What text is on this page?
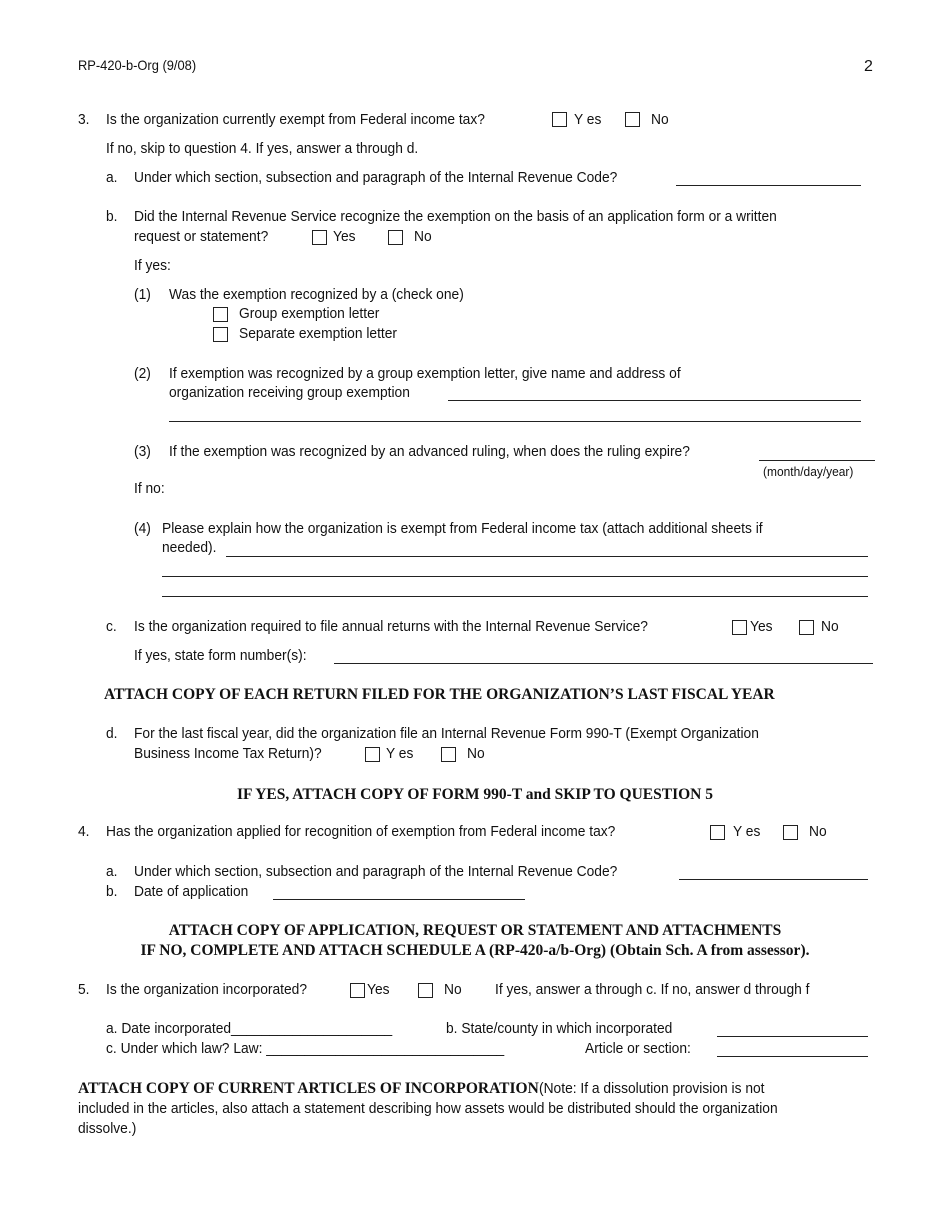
RP-420-b-Org (9/08)	2
3. Is the organization currently exempt from Federal income tax?	Y es	No
If no, skip to question 4. If yes, answer a through d.
a. Under which section, subsection and paragraph of the Internal Revenue Code?
b. Did the Internal Revenue Service recognize the exemption on the basis of an application form or a written
request or statement?	Yes	No
If yes:
(1) Was the exemption recognized by a (check one)
Group exemption letter
Separate exemption letter
(2) If exemption was recognized by a group exemption letter, give name and address of
organization receiving group exemption
(3) If the exemption was recognized by an advanced ruling, when does the ruling expire?
(month/day/year)
If no:
(4) Please explain how the organization is exempt from Federal income tax (attach additional sheets if
needed).
c. Is the organization required to file annual returns with the Internal Revenue Service?	Yes	No
If yes, state form number(s):
ATTACH COPY OF EACH RETURN FILED FOR THE ORGANIZATION’S LAST FISCAL YEAR
d. For the last fiscal year, did the organization file an Internal Revenue Form 990-T (Exempt Organization
Business Income Tax Return)?	Y es	No
IF YES, ATTACH COPY OF FORM 990-T and SKIP TO QUESTION 5
4. Has the organization applied for recognition of exemption from Federal income tax?	Y es	No
a. Under which section, subsection and paragraph of the Internal Revenue Code?
b. Date of application
ATTACH COPY OF APPLICATION, REQUEST OR STATEMENT AND ATTACHMENTS
IF NO, COMPLETE AND ATTACH SCHEDULE A (RP-420-a/b-Org) (Obtain Sch. A from assessor).
5. Is the organization incorporated?	Yes	No If yes, answer a through c. If no, answer d through f
a. Date incorporated_____________________	b. State/county in which incorporated
c. Under which law? Law: _______________________________	Article or section:
ATTACH COPY OF CURRENT ARTICLES OF INCORPORATION(Note: If a dissolution provision is not
included in the articles, also attach a statement describing how assets would be distributed should the organization
dissolve.)
